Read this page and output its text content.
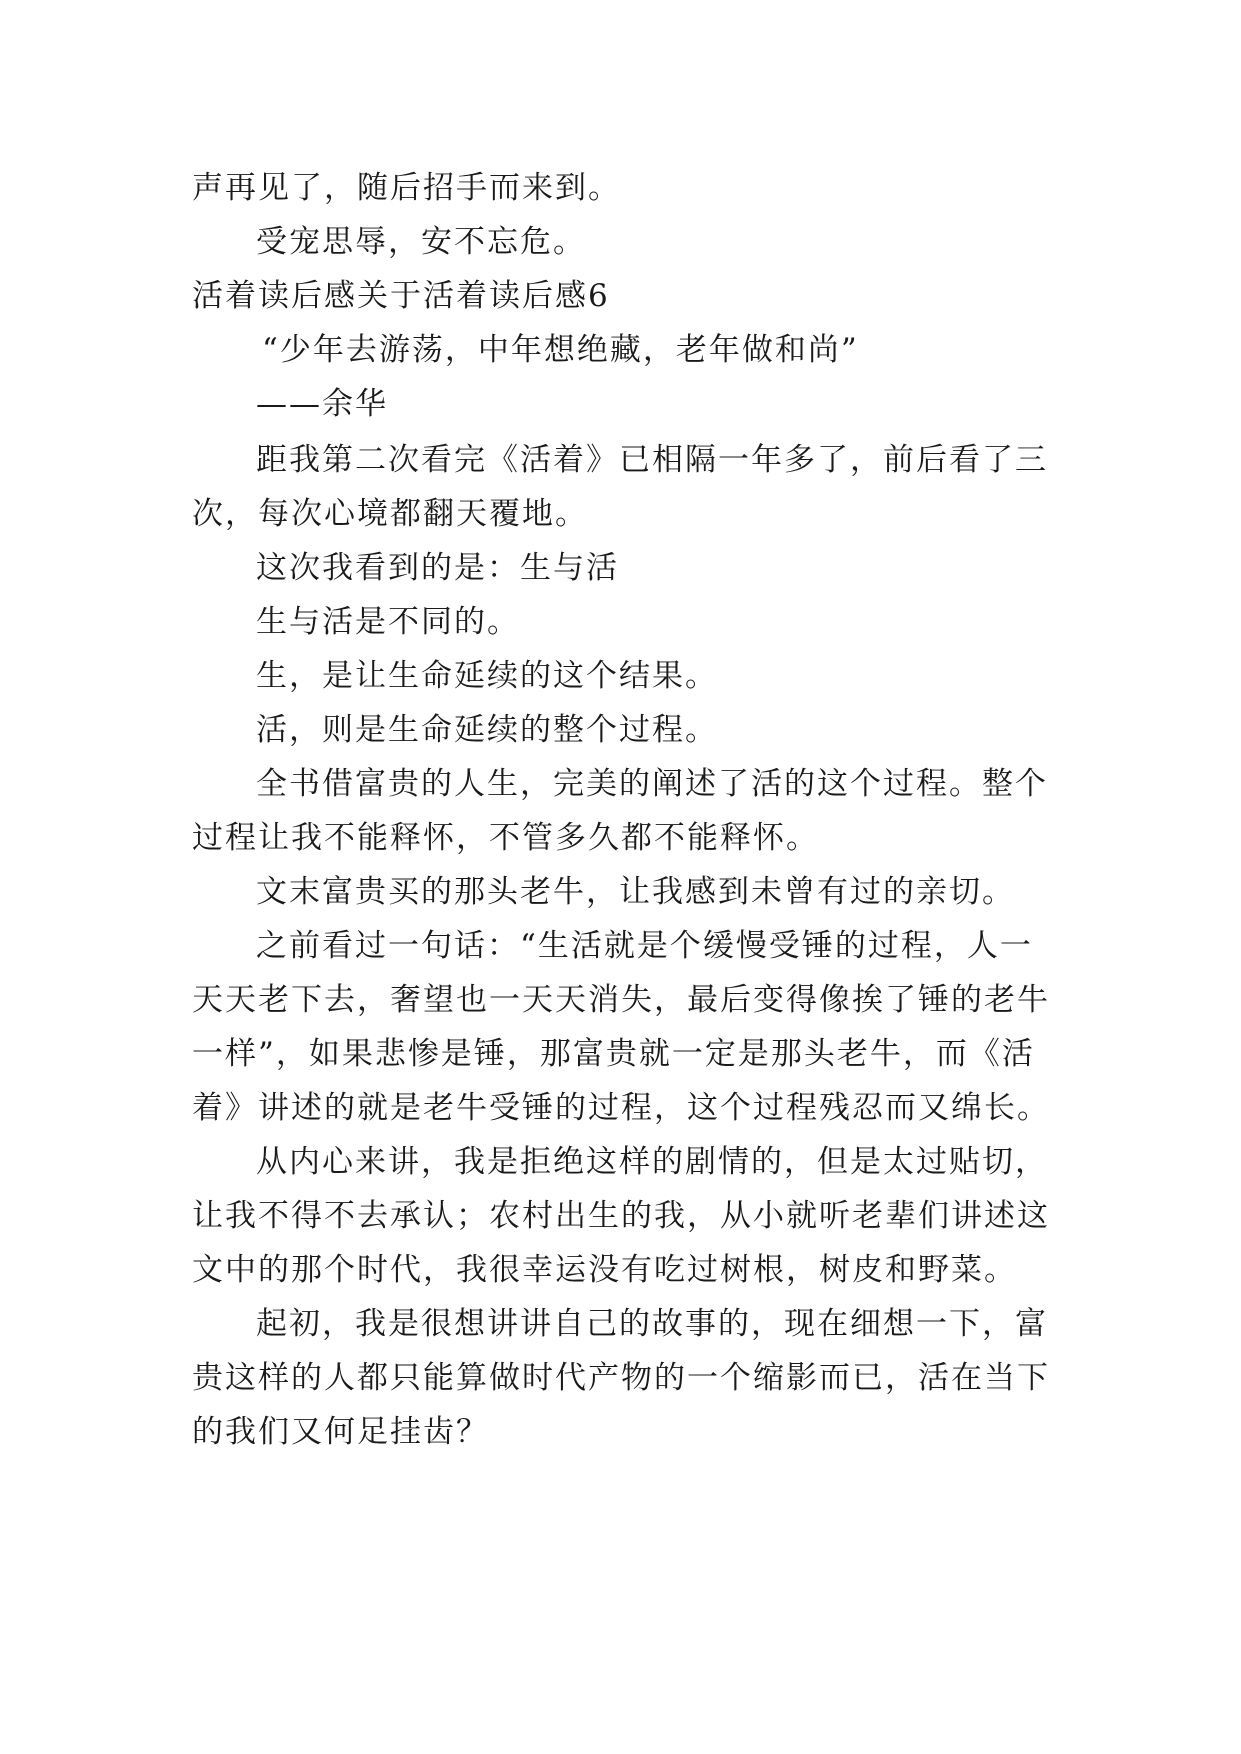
声再见了，随后招手而来到。
受宠思辱，安不忘危。
活着读后感关于活着读后感6
“少年去游荡，中年想绝藏，老年做和尚”
——余华
距我第二次看完《活着》已相隔一年多了，前后看了三
次，每次心境都翻天覆地。
这次我看到的是：生与活
生与活是不同的。
生，是让生命延续的这个结果。
活，则是生命延续的整个过程。
全书借富贵的人生，完美的阐述了活的这个过程。整个
过程让我不能释怀，不管多久都不能释怀。
文末富贵买的那头老牛，让我感到未曾有过的亲切。
之前看过一句话：“生活就是个缓慢受锤的过程，人一
天天老下去，奢望也一天天消失，最后变得像挨了锤的老牛
一样”，如果悲惨是锤，那富贵就一定是那头老牛，而《活
着》讲述的就是老牛受锤的过程，这个过程残忍而又绵长。
从内心来讲，我是拒绝这样的剧情的，但是太过贴切，
让我不得不去承认；农村出生的我，从小就听老辈们讲述这
文中的那个时代，我很幸运没有吃过树根，树皮和野菜。
起初，我是很想讲讲自己的故事的，现在细想一下，富
贵这样的人都只能算做时代产物的一个缩影而已，活在当下
的我们又何足挂齿？
